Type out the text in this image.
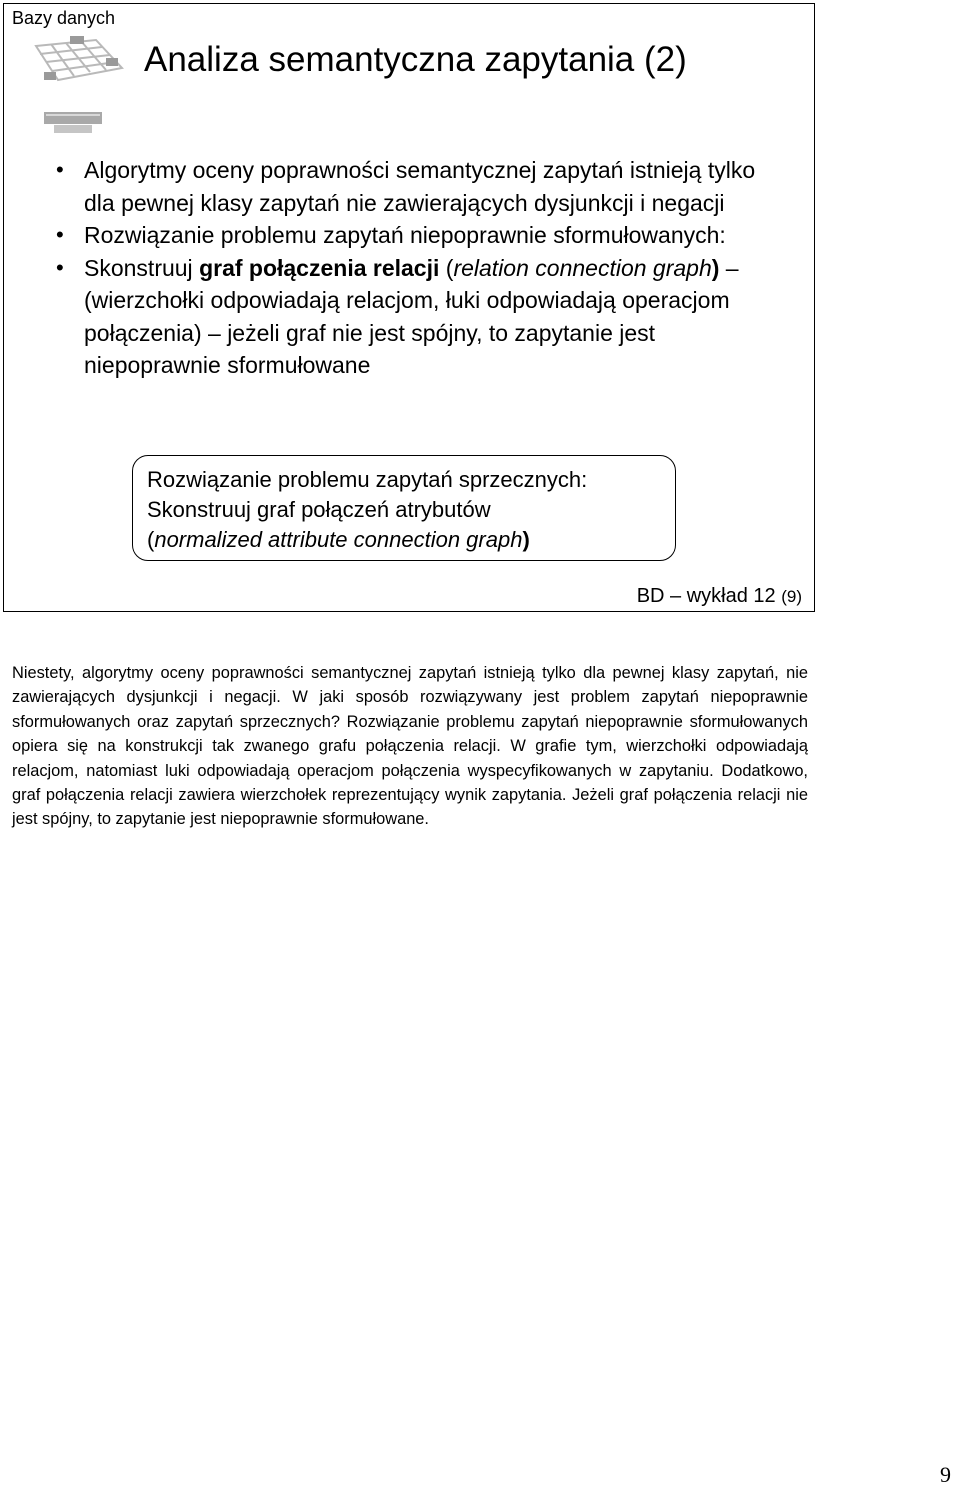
Bazy danych
Analiza semantyczna zapytania (2)
• Algorytmy oceny poprawności semantycznej zapytań istnieją tylko dla pewnej klasy zapytań nie zawierających dysjunkcji i negacji
• Rozwiązanie problemu zapytań niepoprawnie sformułowanych:
• Skonstruuj graf połączenia relacji (relation connection graph) – (wierzchołki odpowiadają relacjom, łuki odpowiadają operacjom połączenia) – jeżeli graf nie jest spójny, to zapytanie jest niepoprawnie sformułowane
Rozwiązanie problemu zapytań sprzecznych:
Skonstruuj graf połączeń atrybutów
(normalized attribute connection graph)
BD – wykład 12 (9)

Niestety, algorytmy oceny poprawności semantycznej zapytań istnieją tylko dla pewnej klasy zapytań, nie zawierających dysjunkcji i negacji. W jaki sposób rozwiązywany jest problem zapytań niepoprawnie sformułowanych oraz zapytań sprzecznych? Rozwiązanie problemu zapytań niepoprawnie sformułowanych opiera się na konstrukcji tak zwanego grafu połączenia relacji. W grafie tym, wierzchołki odpowiadają relacjom, natomiast luki odpowiadają operacjom połączenia wyspecyfikowanych w zapytaniu. Dodatkowo, graf połączenia relacji zawiera wierzchołek reprezentujący wynik zapytania. Jeżeli graf połączenia relacji nie jest spójny, to zapytanie jest niepoprawnie sformułowane.

9
